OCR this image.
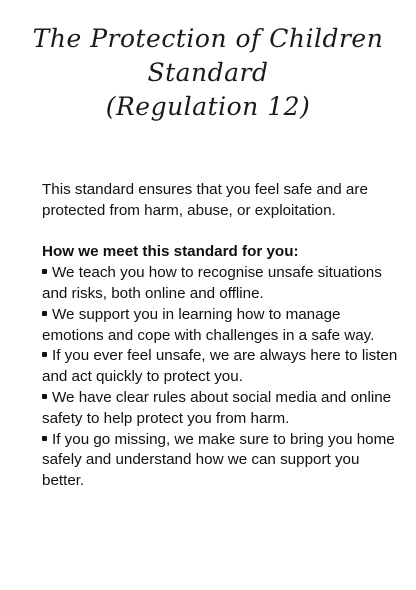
The Protection of Children
Standard
(Regulation 12)

This standard ensures that you feel safe and are protected from harm, abuse, or exploitation.

How we meet this standard for you:

We teach you how to recognise unsafe situations and risks, both online and offline.
We support you in learning how to manage emotions and cope with challenges in a safe way.
If you ever feel unsafe, we are always here to listen and act quickly to protect you.
We have clear rules about social media and online safety to help protect you from harm.
If you go missing, we make sure to bring you home safely and understand how we can support you better.
